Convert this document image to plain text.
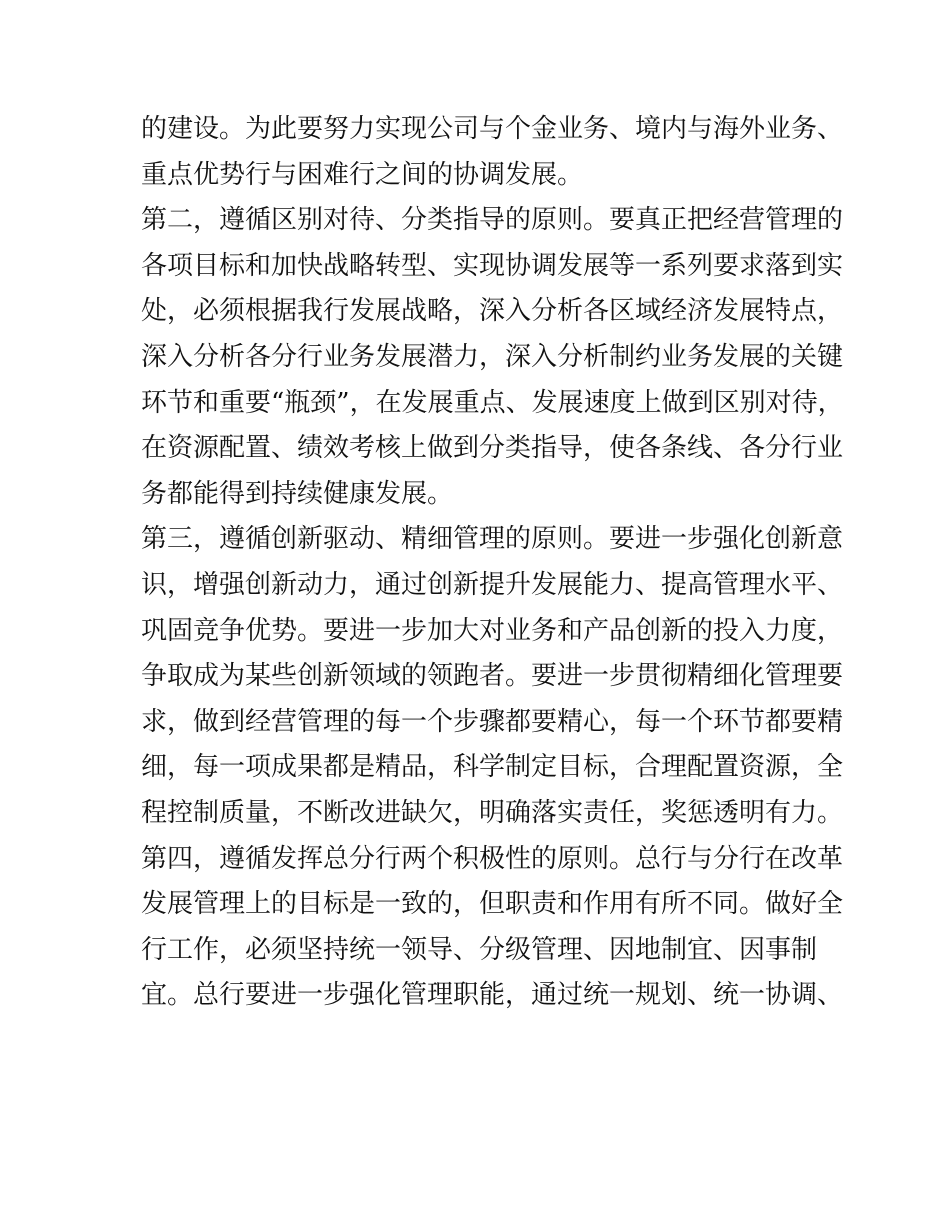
的建设。为此要努力实现公司与个金业务、境内与海外业务、
重点优势行与困难行之间的协调发展。
第二，遵循区别对待、分类指导的原则。要真正把经营管理的
各项目标和加快战略转型、实现协调发展等一系列要求落到实
处，必须根据我行发展战略，深入分析各区域经济发展特点，
深入分析各分行业务发展潜力，深入分析制约业务发展的关键
环节和重要“瓶颈”，在发展重点、发展速度上做到区别对待，
在资源配置、绩效考核上做到分类指导，使各条线、各分行业
务都能得到持续健康发展。
第三，遵循创新驱动、精细管理的原则。要进一步强化创新意
识，增强创新动力，通过创新提升发展能力、提高管理水平、
巩固竞争优势。要进一步加大对业务和产品创新的投入力度，
争取成为某些创新领域的领跑者。要进一步贯彻精细化管理要
求，做到经营管理的每一个步骤都要精心，每一个环节都要精
细，每一项成果都是精品，科学制定目标，合理配置资源，全
程控制质量，不断改进缺欠，明确落实责任，奖惩透明有力。
第四，遵循发挥总分行两个积极性的原则。总行与分行在改革
发展管理上的目标是一致的，但职责和作用有所不同。做好全
行工作，必须坚持统一领导、分级管理、因地制宜、因事制
宜。总行要进一步强化管理职能，通过统一规划、统一协调、
